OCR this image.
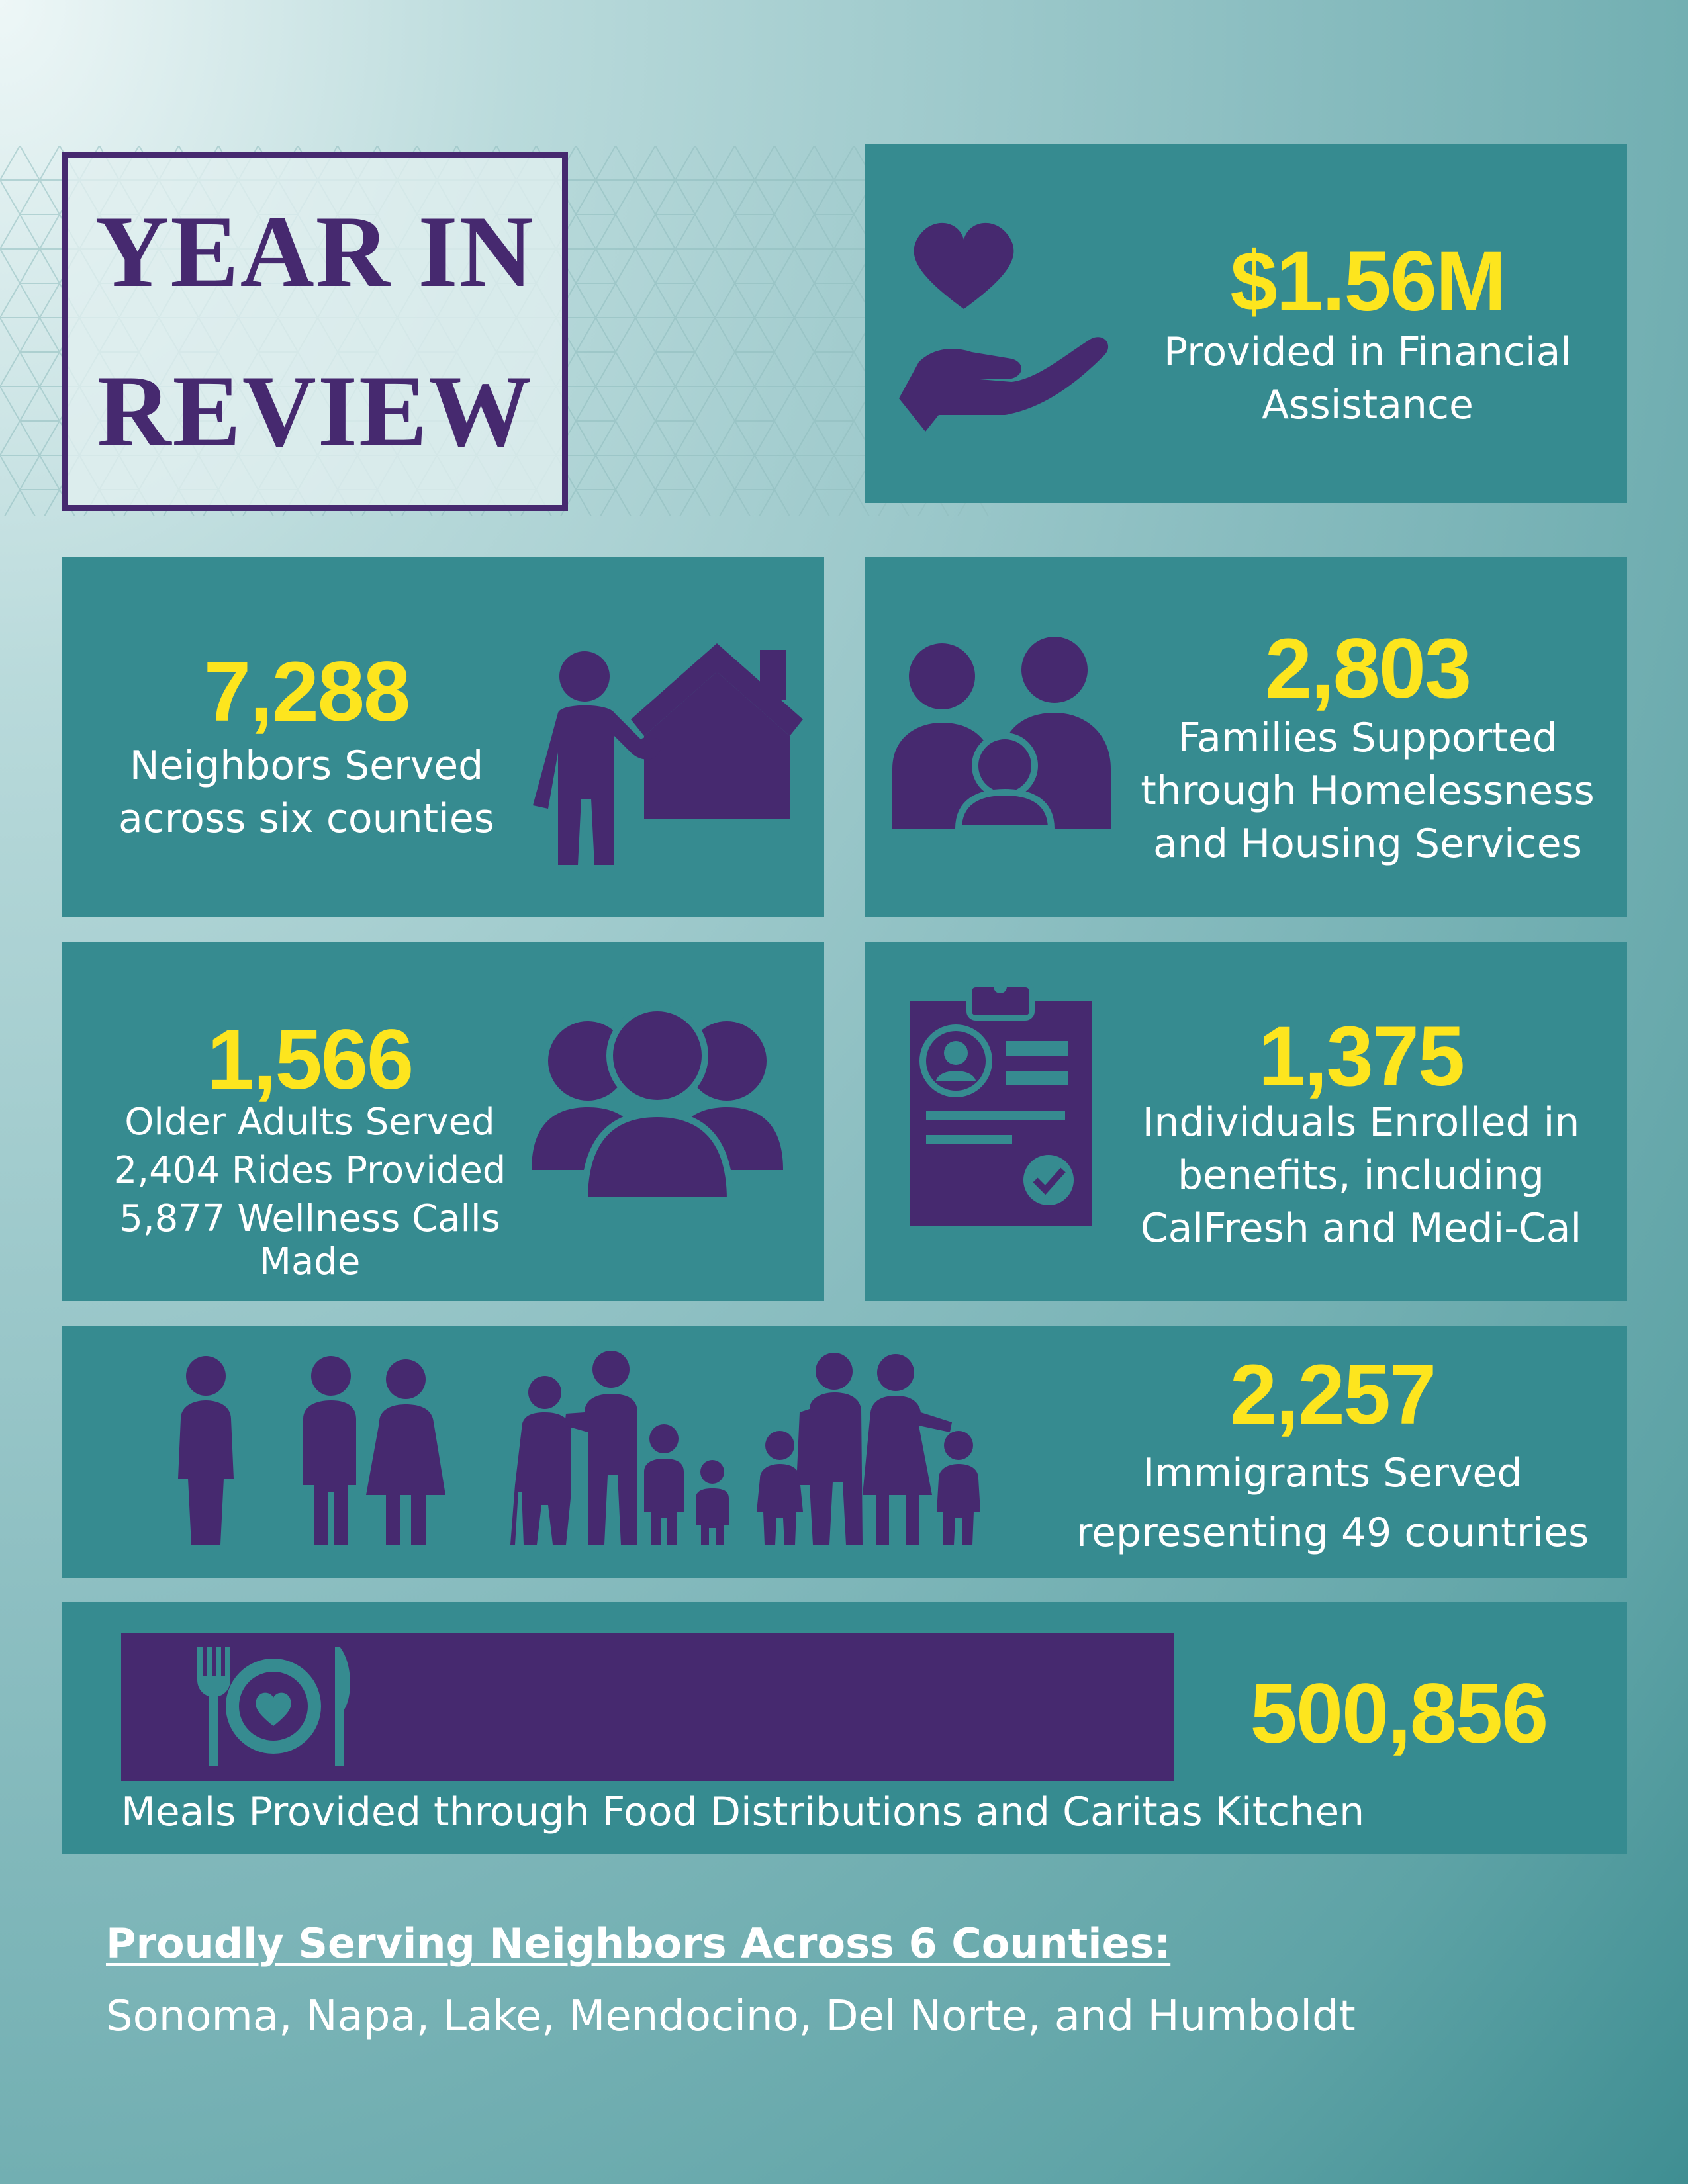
YEAR IN
REVIEW
$1.56M
Provided in Financial
Assistance
7,288
Neighbors Served
across six counties
2,803
Families Supported
through Homelessness
and Housing Services
1,566
Older Adults Served
2,404 Rides Provided
5,877 Wellness Calls Made
1,375
Individuals Enrolled in
benefits, including
CalFresh and Medi-Cal
2,257
Immigrants Served
representing 49 countries
500,856
Meals Provided through Food Distributions and Caritas Kitchen
Proudly Serving Neighbors Across 6 Counties:
Sonoma, Napa, Lake, Mendocino, Del Norte, and Humboldt
